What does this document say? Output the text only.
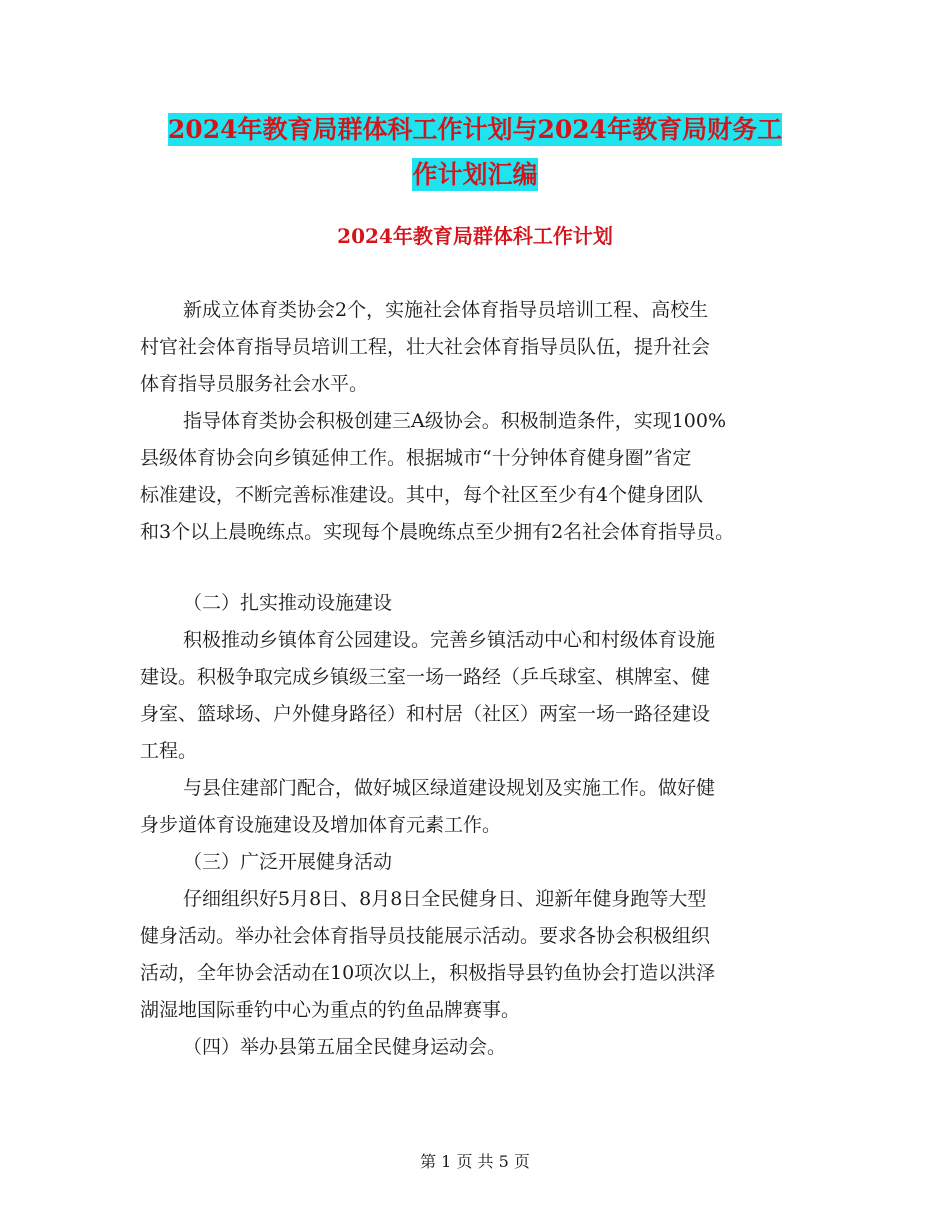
2024年教育局群体科工作计划与2024年教育局财务工
作计划汇编
2024年教育局群体科工作计划
新成立体育类协会2个，实施社会体育指导员培训工程、高校生
村官社会体育指导员培训工程，壮大社会体育指导员队伍，提升社会
体育指导员服务社会水平。
指导体育类协会积极创建三A级协会。积极制造条件，实现100%
县级体育协会向乡镇延伸工作。根据城市“十分钟体育健身圈”省定
标准建设，不断完善标准建设。其中，每个社区至少有4个健身团队
和3个以上晨晚练点。实现每个晨晚练点至少拥有2名社会体育指导员。
（二）扎实推动设施建设
积极推动乡镇体育公园建设。完善乡镇活动中心和村级体育设施
建设。积极争取完成乡镇级三室一场一路经（乒乓球室、棋牌室、健
身室、篮球场、户外健身路径）和村居（社区）两室一场一路径建设
工程。
与县住建部门配合，做好城区绿道建设规划及实施工作。做好健
身步道体育设施建设及增加体育元素工作。
（三）广泛开展健身活动
仔细组织好5月8日、8月8日全民健身日、迎新年健身跑等大型
健身活动。举办社会体育指导员技能展示活动。要求各协会积极组织
活动，全年协会活动在10项次以上，积极指导县钓鱼协会打造以洪泽
湖湿地国际垂钓中心为重点的钓鱼品牌赛事。
（四）举办县第五届全民健身运动会。
第 1 页 共 5 页
